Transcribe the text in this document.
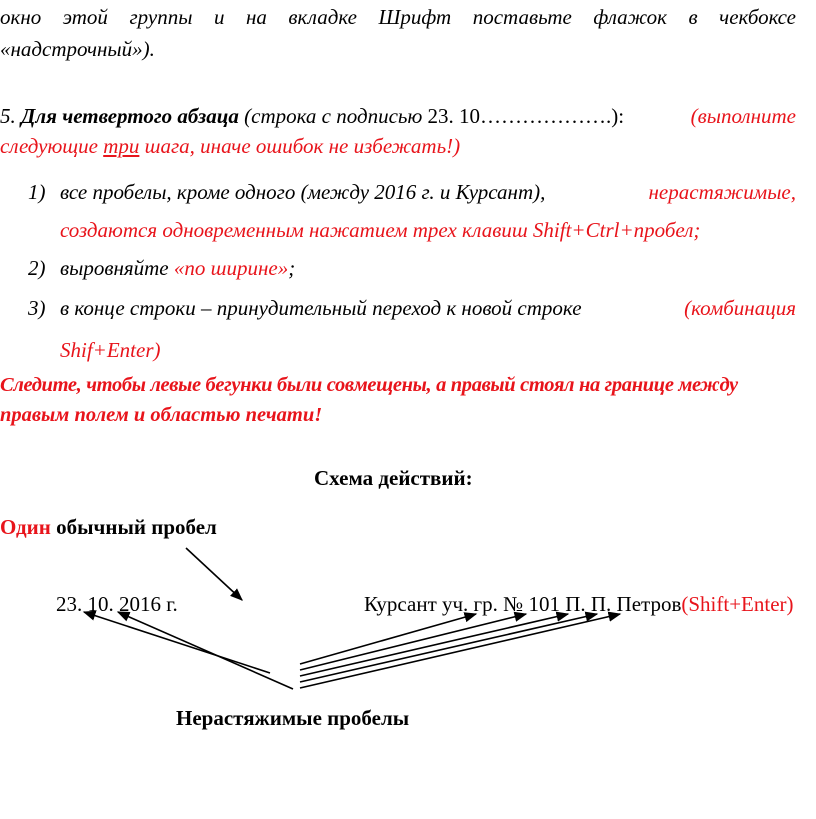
окно этой группы и на вкладке Шрифт поставьте флажок в чекбоксе
«надстрочный»).
5. Для четвертого абзаца (строка с подписью 23. 10……………….):	(выполните
следующие три шага, иначе ошибок не избежать!)
1) все пробелы, кроме одного (между 2016 г. и Курсант),	нерастяжимые,
создаются одновременным нажатием трех клавиш Shift+Ctrl+пробел;
2) выровняйте «по ширине»;
3) в конце строки – принудительный переход к новой строке	(комбинация
Shif+Enter)
Следите, чтобы левые бегунки были совмещены, а правый стоял на границе между
правым полем и областью печати!
Схема действий:
Один обычный пробел
23. 10. 2016 г.	Курсант уч. гр. № 101 П. П. Петров(Shift+Enter)
Нерастяжимые пробелы
